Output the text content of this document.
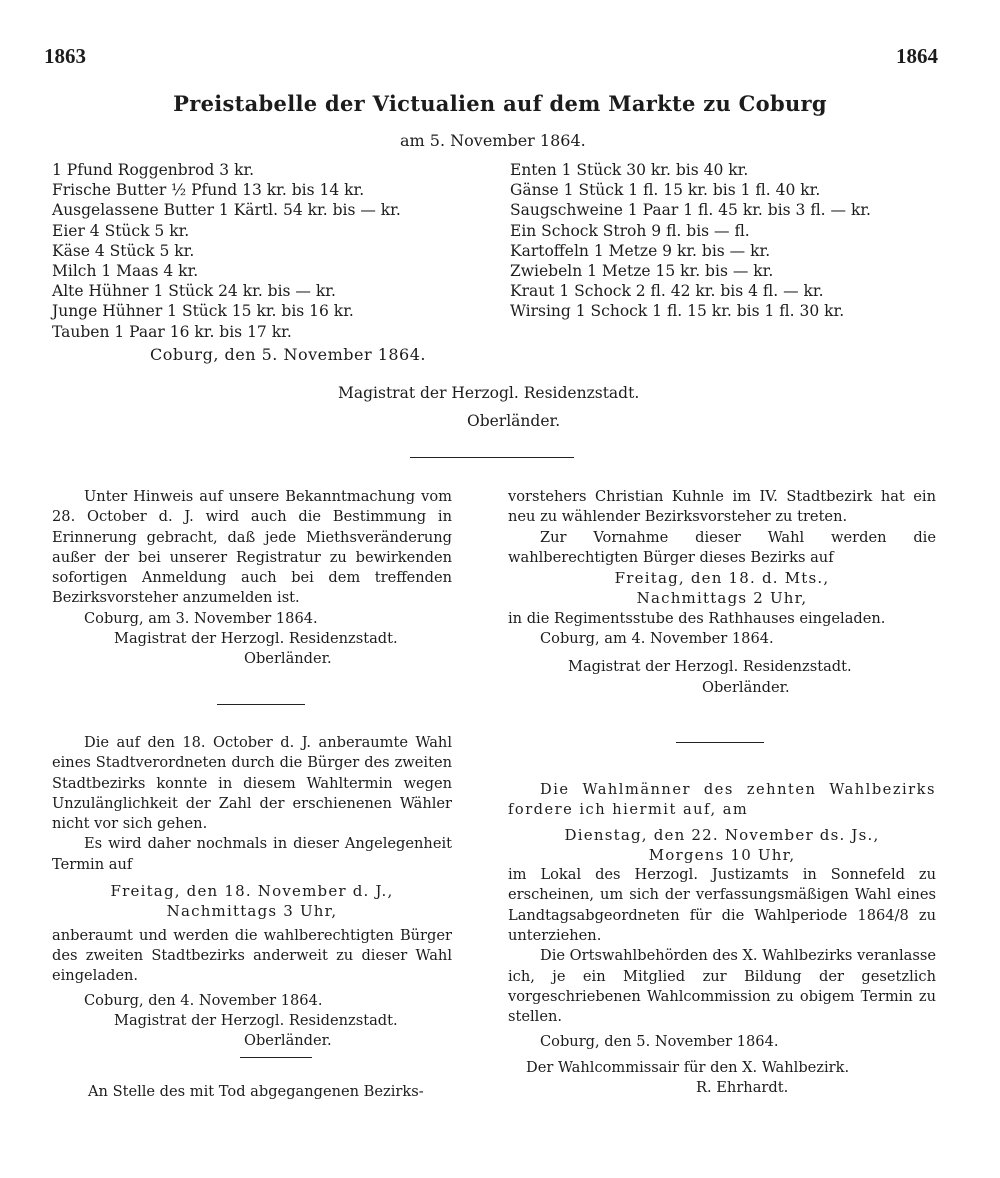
1863	1864
Preistabelle der Victualien auf dem Markte zu Coburg
am 5. November 1864.
1 Pfund Roggenbrod 3 kr.
Frische Butter ½ Pfund 13 kr. bis 14 kr.
Ausgelassene Butter 1 Kärtl. 54 kr. bis — kr.
Eier 4 Stück 5 kr.
Käse 4 Stück 5 kr.
Milch 1 Maas 4 kr.
Alte Hühner 1 Stück 24 kr. bis — kr.
Junge Hühner 1 Stück 15 kr. bis 16 kr.
Tauben 1 Paar 16 kr. bis 17 kr.
Enten 1 Stück 30 kr. bis 40 kr.
Gänse 1 Stück 1 fl. 15 kr. bis 1 fl. 40 kr.
Saugschweine 1 Paar 1 fl. 45 kr. bis 3 fl. — kr.
Ein Schock Stroh 9 fl. bis — fl.
Kartoffeln 1 Metze 9 kr. bis — kr.
Zwiebeln 1 Metze 15 kr. bis — kr.
Kraut 1 Schock 2 fl. 42 kr. bis 4 fl. — kr.
Wirsing 1 Schock 1 fl. 15 kr. bis 1 fl. 30 kr.
Coburg, den 5. November 1864.
Magistrat der Herzogl. Residenzstadt.
Oberländer.

Unter Hinweis auf unsere Bekanntmachung vom 28. October d. J. wird auch die Bestimmung in Erinnerung gebracht, daß jede Miethsveränderung außer der bei unserer Registratur zu bewirkenden sofortigen Anmeldung auch bei dem treffenden Bezirksvorsteher anzumelden ist.

Coburg, am 3. November 1864.

Magistrat der Herzogl. Residenzstadt.

Oberländer.

Die auf den 18. October d. J. anberaumte Wahl eines Stadtverordneten durch die Bürger des zweiten Stadtbezirks konnte in diesem Wahltermin wegen Unzulänglichkeit der Zahl der erschienenen Wähler nicht vor sich gehen.

Es wird daher nochmals in dieser Angelegenheit Termin auf

Freitag, den 18. November d. J.,

Nachmittags 3 Uhr,

anberaumt und werden die wahlberechtigten Bürger des zweiten Stadtbezirks anderweit zu dieser Wahl eingeladen.

Coburg, den 4. November 1864.

Magistrat der Herzogl. Residenzstadt.

Oberländer.

An Stelle des mit Tod abgegangenen Bezirks-

vorstehers Christian Kuhnle im IV. Stadtbezirk hat ein neu zu wählender Bezirksvorsteher zu treten.

Zur Vornahme dieser Wahl werden die wahlberechtigten Bürger dieses Bezirks auf

Freitag, den 18. d. Mts.,

Nachmittags 2 Uhr,

in die Regimentsstube des Rathhauses eingeladen.

Coburg, am 4. November 1864.

Magistrat der Herzogl. Residenzstadt.

Oberländer.

Die Wahlmänner des zehnten Wahlbezirks fordere ich hiermit auf, am

Dienstag, den 22. November ds. Js.,

Morgens 10 Uhr,

im Lokal des Herzogl. Justizamts in Sonnefeld zu erscheinen, um sich der verfassungsmäßigen Wahl eines Landtagsabgeordneten für die Wahlperiode 1864/8 zu unterziehen.

Die Ortswahlbehörden des X. Wahlbezirks veranlasse ich, je ein Mitglied zur Bildung der gesetzlich vorgeschriebenen Wahlcommission zu obigem Termin zu stellen.

Coburg, den 5. November 1864.

Der Wahlcommissair für den X. Wahlbezirk.

R. Ehrhardt.
